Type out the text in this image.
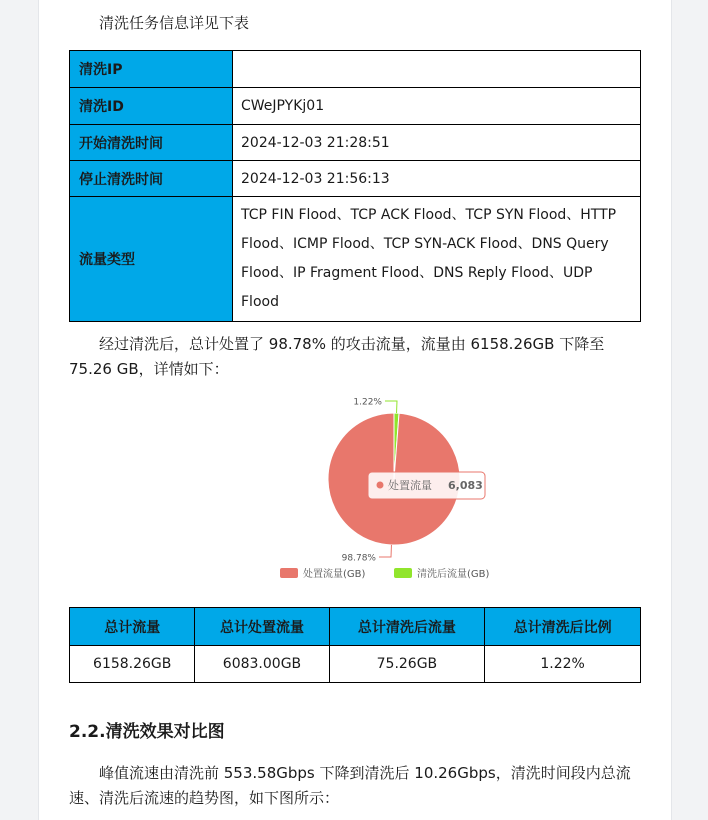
清洗任务信息详见下表

清洗IP	
清洗ID	CWeJPYKj01
开始清洗时间	2024-12-03 21:28:51
停止清洗时间	2024-12-03 21:56:13
流量类型	TCP FIN Flood、TCP ACK Flood、TCP SYN Flood、HTTP Flood、ICMP Flood、TCP SYN-ACK Flood、DNS Query Flood、IP Fragment Flood、DNS Reply Flood、UDP Flood

经过清洗后，总计处置了 98.78% 的攻击流量，流量由 6158.26GB 下降至 75.26 GB，详情如下：

1.22%
98.78%
处置流量 6,083
处置流量(GB)	清洗后流量(GB)
总计流量	总计处置流量	总计清洗后流量	总计清洗后比例
6158.26GB	6083.00GB	75.26GB	1.22%
2.2.清洗效果对比图

峰值流速由清洗前 553.58Gbps 下降到清洗后 10.26Gbps，清洗时间段内总流速、清洗后流速的趋势图，如下图所示：
